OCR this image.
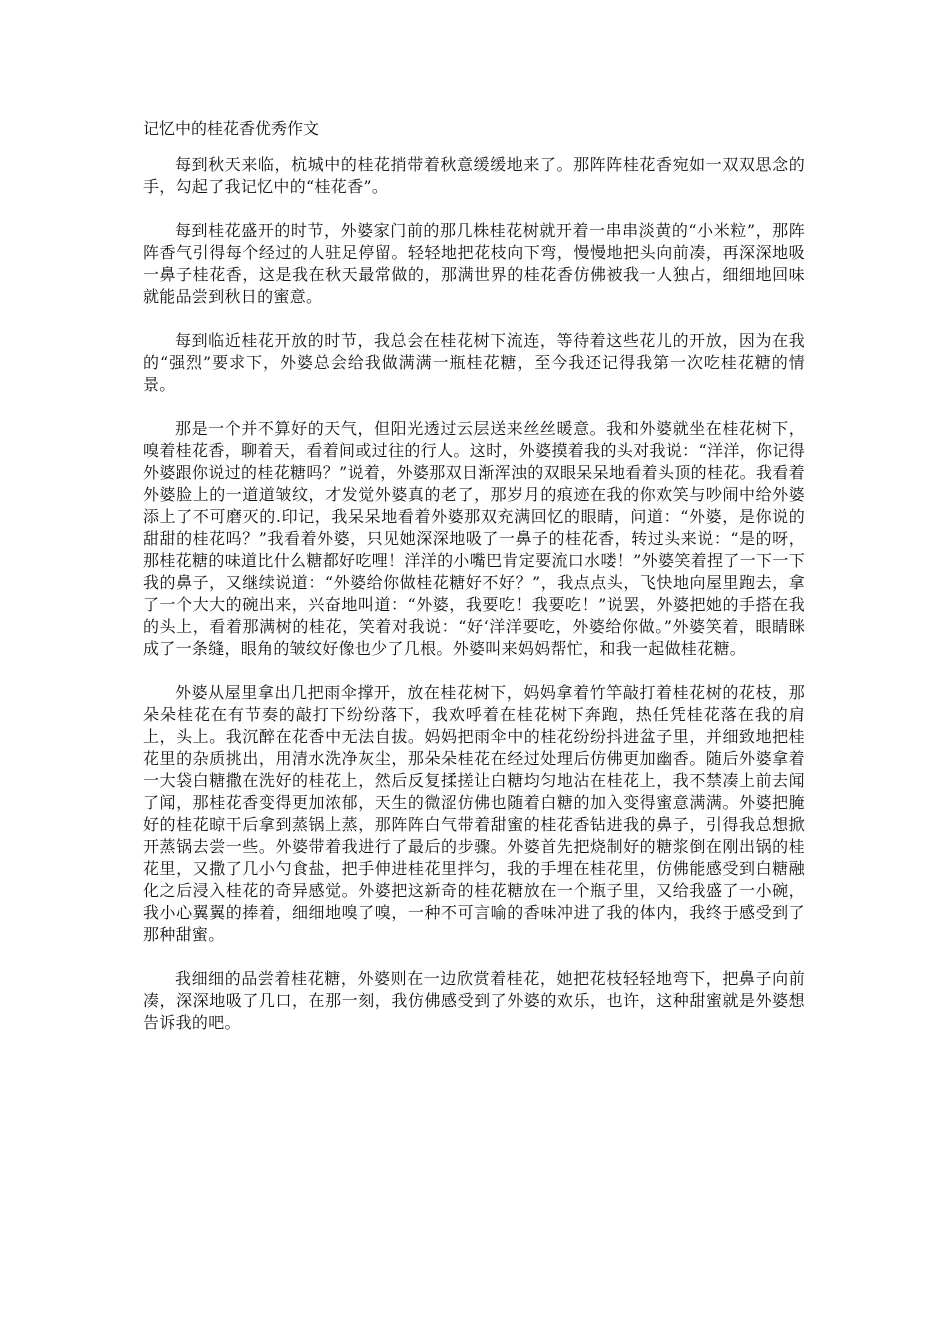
记忆中的桂花香优秀作文

每到秋天来临，杭城中的桂花捎带着秋意缓缓地来了。那阵阵桂花香宛如一双双思念的手，勾起了我记忆中的“桂花香”。

每到桂花盛开的时节，外婆家门前的那几株桂花树就开着一串串淡黄的“小米粒”，那阵阵香气引得每个经过的人驻足停留。轻轻地把花枝向下弯，慢慢地把头向前凑，再深深地吸一鼻子桂花香，这是我在秋天最常做的，那满世界的桂花香仿佛被我一人独占，细细地回味就能品尝到秋日的蜜意。

每到临近桂花开放的时节，我总会在桂花树下流连，等待着这些花儿的开放，因为在我的“强烈”要求下，外婆总会给我做满满一瓶桂花糖，至今我还记得我第一次吃桂花糖的情景。

那是一个并不算好的天气，但阳光透过云层送来丝丝暖意。我和外婆就坐在桂花树下，嗅着桂花香，聊着天，看着间或过往的行人。这时，外婆摸着我的头对我说：“洋洋，你记得外婆跟你说过的桂花糖吗？”说着，外婆那双日渐浑浊的双眼呆呆地看着头顶的桂花。我看着外婆脸上的一道道皱纹，才发觉外婆真的老了，那岁月的痕迹在我的你欢笑与吵闹中给外婆添上了不可磨灭的.印记，我呆呆地看着外婆那双充满回忆的眼睛，问道：“外婆，是你说的甜甜的桂花吗？”我看着外婆，只见她深深地吸了一鼻子的桂花香，转过头来说：“是的呀，那桂花糖的味道比什么糖都好吃哩！洋洋的小嘴巴肯定要流口水喽！”外婆笑着捏了一下一下我的鼻子，又继续说道：“外婆给你做桂花糖好不好？”，我点点头，飞快地向屋里跑去，拿了一个大大的碗出来，兴奋地叫道：“外婆，我要吃！我要吃！”说罢，外婆把她的手搭在我的头上，看着那满树的桂花，笑着对我说：“好‘洋洋要吃，外婆给你做。”外婆笑着，眼睛眯成了一条缝，眼角的皱纹好像也少了几根。外婆叫来妈妈帮忙，和我一起做桂花糖。

外婆从屋里拿出几把雨伞撑开，放在桂花树下，妈妈拿着竹竿敲打着桂花树的花枝，那朵朵桂花在有节奏的敲打下纷纷落下，我欢呼着在桂花树下奔跑，热任凭桂花落在我的肩上，头上。我沉醉在花香中无法自拔。妈妈把雨伞中的桂花纷纷抖进盆子里，并细致地把桂花里的杂质挑出，用清水洗净灰尘，那朵朵桂花在经过处理后仿佛更加幽香。随后外婆拿着一大袋白糖撒在洗好的桂花上，然后反复揉搓让白糖均匀地沾在桂花上，我不禁凑上前去闻了闻，那桂花香变得更加浓郁，天生的微涩仿佛也随着白糖的加入变得蜜意满满。外婆把腌好的桂花晾干后拿到蒸锅上蒸，那阵阵白气带着甜蜜的桂花香钻进我的鼻子，引得我总想掀开蒸锅去尝一些。外婆带着我进行了最后的步骤。外婆首先把烧制好的糖浆倒在刚出锅的桂花里，又撒了几小勺食盐，把手伸进桂花里拌匀，我的手埋在桂花里，仿佛能感受到白糖融化之后浸入桂花的奇异感觉。外婆把这新奇的桂花糖放在一个瓶子里，又给我盛了一小碗，我小心翼翼的捧着，细细地嗅了嗅，一种不可言喻的香味冲进了我的体内，我终于感受到了那种甜蜜。

我细细的品尝着桂花糖，外婆则在一边欣赏着桂花，她把花枝轻轻地弯下，把鼻子向前凑，深深地吸了几口，在那一刻，我仿佛感受到了外婆的欢乐，也许，这种甜蜜就是外婆想告诉我的吧。
